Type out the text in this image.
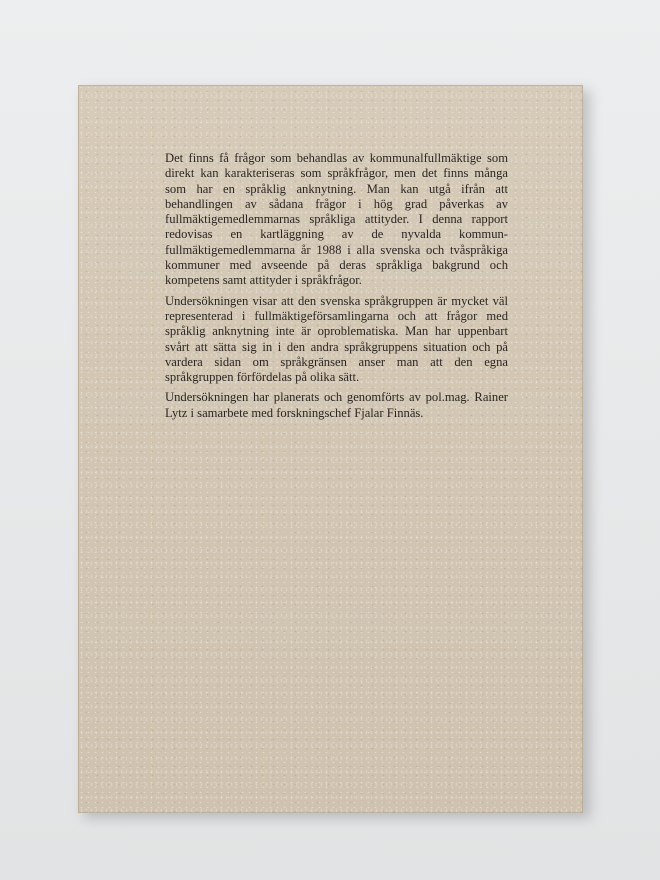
Det finns få frågor som behandlas av kommunalfullmäktige som direkt kan karakteriseras som språkfrågor, men det finns många som har en språklig anknytning. Man kan utgå ifrån att behandlingen av sådana frågor i hög grad påverkas av fullmäktigemedlemmarnas språkliga attityder. I denna rapport redovisas en kartläggning av de nyvalda kommun-fullmäktigemedlemmarna år 1988 i alla svenska och tvåspråkiga kommuner med avseende på deras språkliga bakgrund och kompetens samt attityder i språkfrågor.

Undersökningen visar att den svenska språkgruppen är mycket väl representerad i fullmäktigeförsamlingarna och att frågor med språklig anknytning inte är oproblematiska. Man har uppenbart svårt att sätta sig in i den andra språkgruppens situation och på vardera sidan om språkgränsen anser man att den egna språkgruppen förfördelas på olika sätt.

Undersökningen har planerats och genomförts av pol.mag. Rainer Lytz i samarbete med forskningschef Fjalar Finnäs.
